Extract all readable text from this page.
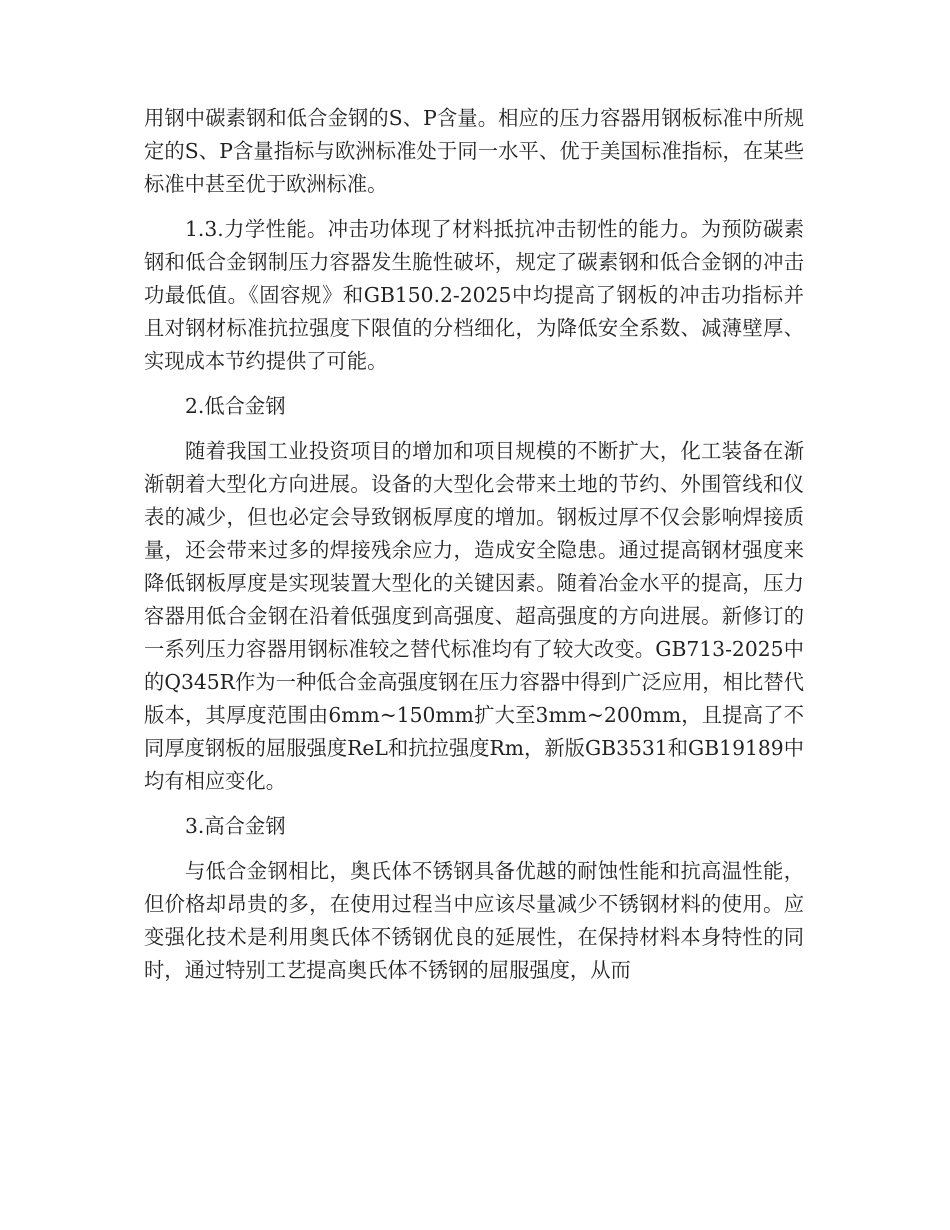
用钢中碳素钢和低合金钢的S、P含量。相应的压力容器用钢板标准中所规定的S、P含量指标与欧洲标准处于同一水平、优于美国标准指标，在某些标准中甚至优于欧洲标准。

1.3.力学性能。冲击功体现了材料抵抗冲击韧性的能力。为预防碳素钢和低合金钢制压力容器发生脆性破坏，规定了碳素钢和低合金钢的冲击功最低值。《固容规》和GB150.2-2025中均提高了钢板的冲击功指标并且对钢材标准抗拉强度下限值的分档细化，为降低安全系数、减薄壁厚、实现成本节约提供了可能。

2.低合金钢

随着我国工业投资项目的增加和项目规模的不断扩大，化工装备在渐渐朝着大型化方向进展。设备的大型化会带来土地的节约、外围管线和仪表的减少，但也必定会导致钢板厚度的增加。钢板过厚不仅会影响焊接质量，还会带来过多的焊接残余应力，造成安全隐患。通过提高钢材强度来降低钢板厚度是实现装置大型化的关键因素。随着冶金水平的提高，压力容器用低合金钢在沿着低强度到高强度、超高强度的方向进展。新修订的一系列压力容器用钢标准较之替代标准均有了较大改变。GB713-2025中的Q345R作为一种低合金高强度钢在压力容器中得到广泛应用，相比替代版本，其厚度范围由6mm~150mm扩大至3mm~200mm，且提高了不同厚度钢板的屈服强度ReL和抗拉强度Rm，新版GB3531和GB19189中均有相应变化。

3.高合金钢

与低合金钢相比，奥氏体不锈钢具备优越的耐蚀性能和抗高温性能，但价格却昂贵的多，在使用过程当中应该尽量减少不锈钢材料的使用。应变强化技术是利用奥氏体不锈钢优良的延展性，在保持材料本身特性的同时，通过特别工艺提高奥氏体不锈钢的屈服强度，从而
